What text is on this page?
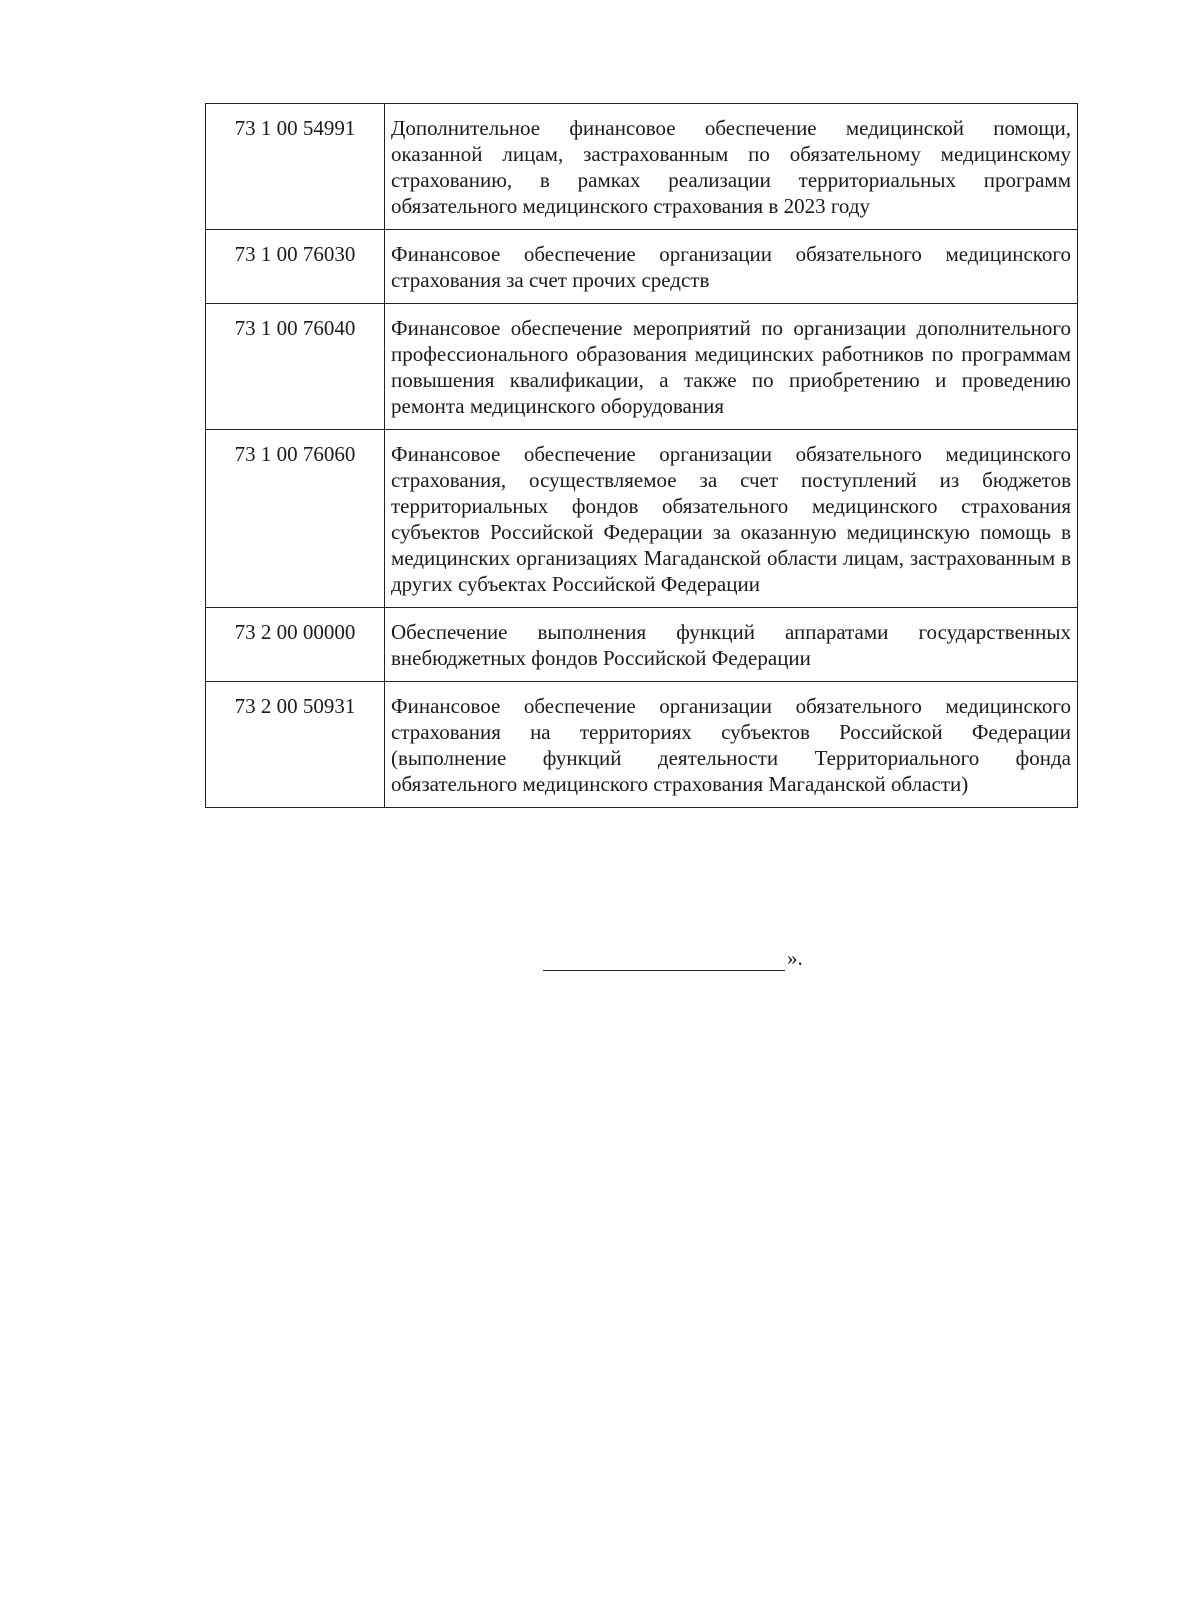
73 1 00 54991	Дополнительное финансовое обеспечение медицинской помощи, оказанной лицам, застрахованным по обязательному медицинскому страхованию, в рамках реализации территориальных программ обязательного медицинского страхования в 2023 году
73 1 00 76030	Финансовое обеспечение организации обязательного медицинского страхования за счет прочих средств
73 1 00 76040	Финансовое обеспечение мероприятий по организации дополнительного профессионального образования медицинских работников по программам повышения квалификации, а также по приобретению и проведению ремонта медицинского оборудования
73 1 00 76060	Финансовое обеспечение организации обязательного медицинского страхования, осуществляемое за счет поступлений из бюджетов территориальных фондов обязательного медицинского страхования субъектов Российской Федерации за оказанную медицинскую помощь в медицинских организациях Магаданской области лицам, застрахованным в других субъектах Российской Федерации
73 2 00 00000	Обеспечение выполнения функций аппаратами государственных внебюджетных фондов Российской Федерации
73 2 00 50931	Финансовое обеспечение организации обязательного медицинского страхования на территориях субъектов Российской Федерации (выполнение функций деятельности Территориального фонда обязательного медицинского страхования Магаданской области)
».
